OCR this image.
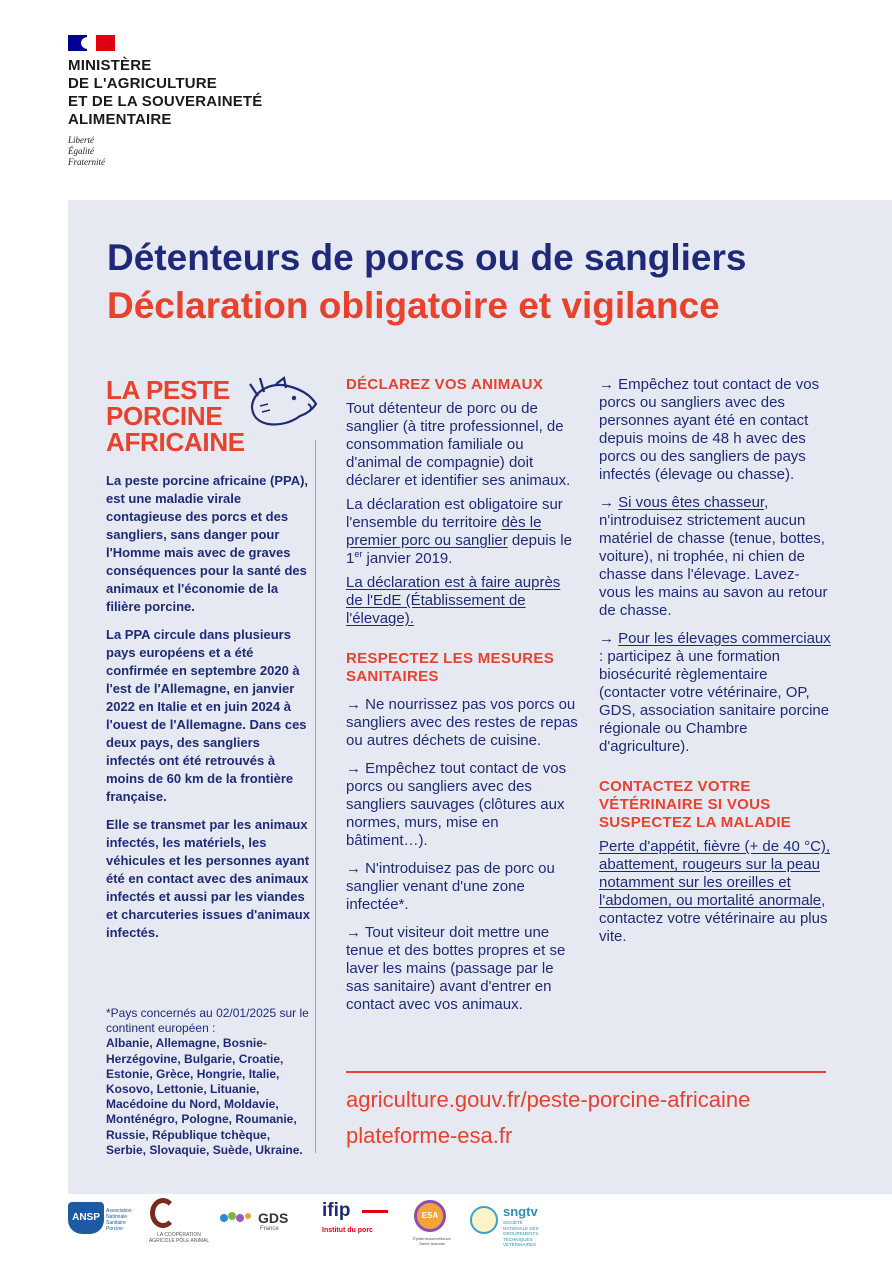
MINISTÈRE
DE L'AGRICULTURE
ET DE LA SOUVERAINETÉ
ALIMENTAIRE
Liberté
Égalité
Fraternité
Détenteurs de porcs ou de sangliers
Déclaration obligatoire et vigilance
LA PESTE
PORCINE
AFRICAINE

La peste porcine africaine (PPA), est une maladie virale contagieuse des porcs et des sangliers, sans danger pour l'Homme mais avec de graves conséquences pour la santé des animaux et l'économie de la filière porcine.

La PPA circule dans plusieurs pays européens et a été confirmée en septembre 2020 à l'est de l'Allemagne, en janvier 2022 en Italie et en juin 2024 à l'ouest de l'Allemagne. Dans ces deux pays, des sangliers infectés ont été retrouvés à moins de 60 km de la frontière française.

Elle se transmet par les animaux infectés, les matériels, les véhicules et les personnes ayant été en contact avec des animaux infectés et aussi par les viandes et charcuteries issues d'animaux infectés.

*Pays concernés au 02/01/2025 sur le continent européen :
Albanie, Allemagne, Bosnie-Herzégovine, Bulgarie, Croatie, Estonie, Grèce, Hongrie, Italie, Kosovo, Lettonie, Lituanie, Macédoine du Nord, Moldavie, Monténégro, Pologne, Roumanie, Russie, République tchèque, Serbie, Slovaquie, Suède, Ukraine.
DÉCLAREZ VOS ANIMAUX

Tout détenteur de porc ou de sanglier (à titre professionnel, de consommation familiale ou d'animal de compagnie) doit déclarer et identifier ses animaux.

La déclaration est obligatoire sur l'ensemble du territoire dès le premier porc ou sanglier depuis le 1er janvier 2019.

La déclaration est à faire auprès de l'EdE (Établissement de l'élevage).

RESPECTEZ LES MESURES SANITAIRES

→ Ne nourrissez pas vos porcs ou sangliers avec des restes de repas ou autres déchets de cuisine.

→ Empêchez tout contact de vos porcs ou sangliers avec des sangliers sauvages (clôtures aux normes, murs, mise en bâtiment…).

→ N'introduisez pas de porc ou sanglier venant d'une zone infectée*.

→ Tout visiteur doit mettre une tenue et des bottes propres et se laver les mains (passage par le sas sanitaire) avant d'entrer en contact avec vos animaux.

→ Empêchez tout contact de vos porcs ou sangliers avec des personnes ayant été en contact depuis moins de 48 h avec des porcs ou des sangliers de pays infectés (élevage ou chasse).

→ Si vous êtes chasseur, n'introduisez strictement aucun matériel de chasse (tenue, bottes, voiture), ni trophée, ni chien de chasse dans l'élevage. Lavez-vous les mains au savon au retour de chasse.

→ Pour les élevages commerciaux : participez à une formation biosécurité règlementaire (contacter votre vétérinaire, OP, GDS, association sanitaire porcine régionale ou Chambre d'agriculture).

CONTACTEZ VOTRE VÉTÉRINAIRE SI VOUS SUSPECTEZ LA MALADIE

Perte d'appétit, fièvre (+ de 40 °C), abattement, rougeurs sur la peau notamment sur les oreilles et l'abdomen, ou mortalité anormale, contactez votre vétérinaire au plus vite.

agriculture.gouv.fr/peste-porcine-africaine
plateforme-esa.fr
ANSP
Association Nationale Sanitaire Porcine
LA COOPÉRATION AGRICOLE PÔLE ANIMAL
GDS
France
ifip
Institut du porc
ESA
Épidémiosurveillance Santé Animale
sngtv
SOCIÉTÉ NATIONALE DES GROUPEMENTS TECHNIQUES VÉTÉRINAIRES
